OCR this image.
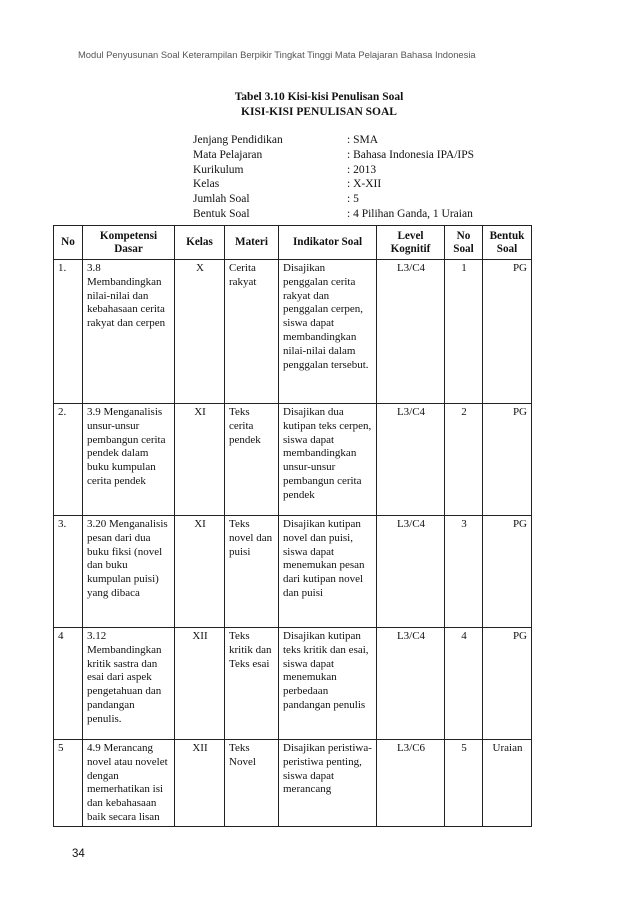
Modul Penyusunan Soal Keterampilan Berpikir Tingkat Tinggi Mata Pelajaran Bahasa Indonesia
Tabel 3.10 Kisi-kisi Penulisan Soal
KISI-KISI PENULISAN SOAL
Jenjang Pendidikan	: SMA
Mata Pelajaran	: Bahasa Indonesia IPA/IPS
Kurikulum	: 2013
Kelas	: X-XII
Jumlah Soal	: 5
Bentuk Soal	: 4 Pilihan Ganda, 1 Uraian
No	Kompetensi Dasar	Kelas	Materi	Indikator Soal	Level Kognitif	No Soal	Bentuk Soal
1.	3.8 Membandingkan nilai-nilai dan kebahasaan cerita rakyat dan cerpen	X	Cerita rakyat	Disajikan penggalan cerita rakyat dan penggalan cerpen, siswa dapat membandingkan nilai-nilai dalam penggalan tersebut.	L3/C4	1	PG
2.	3.9 Menganalisis unsur-unsur pembangun cerita pendek dalam buku kumpulan cerita pendek	XI	Teks cerita pendek	Disajikan dua kutipan teks cerpen, siswa dapat membandingkan unsur-unsur pembangun cerita pendek	L3/C4	2	PG
3.	3.20 Menganalisis pesan dari dua buku fiksi (novel dan buku kumpulan puisi) yang dibaca	XI	Teks novel dan puisi	Disajikan kutipan novel dan puisi, siswa dapat menemukan pesan dari kutipan novel dan puisi	L3/C4	3	PG
4	3.12 Membandingkan kritik sastra dan esai dari aspek pengetahuan dan pandangan penulis.	XII	Teks kritik dan Teks esai	Disajikan kutipan teks kritik dan esai, siswa dapat menemukan perbedaan pandangan penulis	L3/C4	4	PG
5	4.9 Merancang novel atau novelet dengan memerhatikan isi dan kebahasaan baik secara lisan	XII	Teks Novel	Disajikan peristiwa-peristiwa penting, siswa dapat merancang	L3/C6	5	Uraian
34
